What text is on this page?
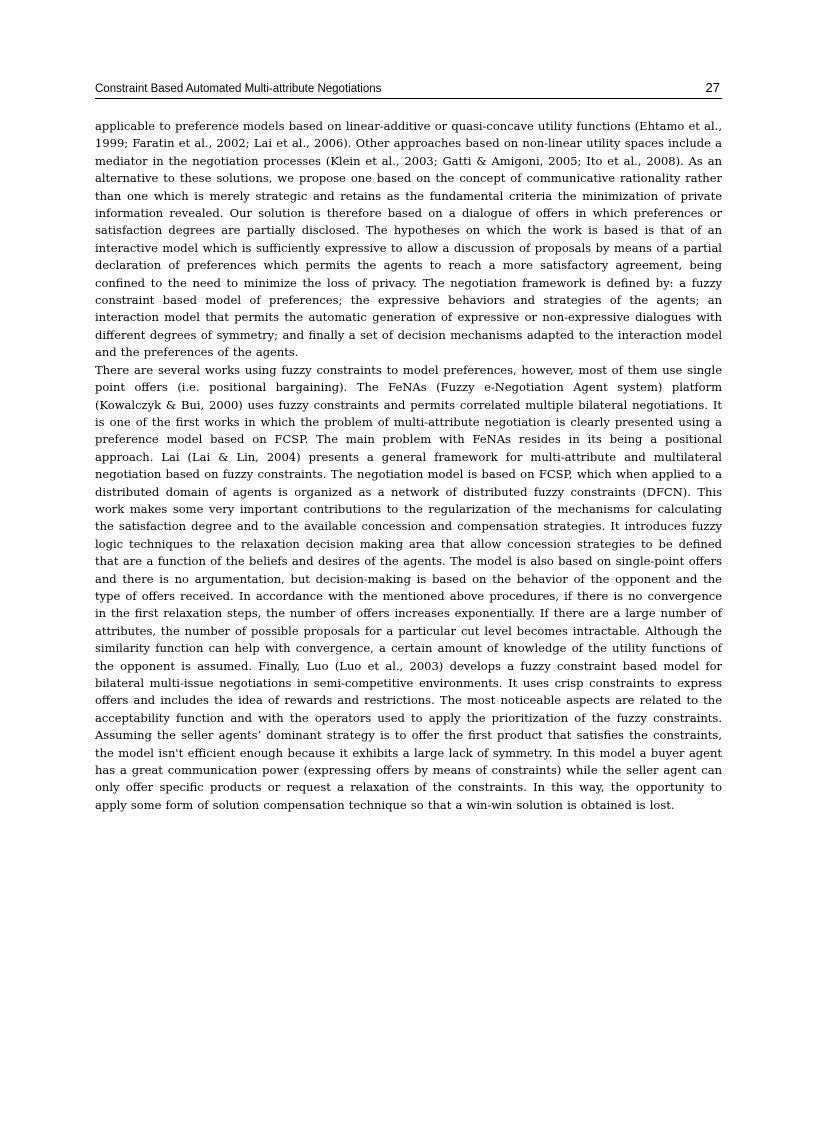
Constraint Based Automated Multi-attribute Negotiations	27

applicable to preference models based on linear-additive or quasi-concave utility functions (Ehtamo et al., 1999; Faratin et al., 2002; Lai et al., 2006). Other approaches based on non-linear utility spaces include a mediator in the negotiation processes (Klein et al., 2003; Gatti & Amigoni, 2005; Ito et al., 2008). As an alternative to these solutions, we propose one based on the concept of communicative rationality rather than one which is merely strategic and retains as the fundamental criteria the minimization of private information revealed. Our solution is therefore based on a dialogue of offers in which preferences or satisfaction degrees are partially disclosed. The hypotheses on which the work is based is that of an interactive model which is sufficiently expressive to allow a discussion of proposals by means of a partial declaration of preferences which permits the agents to reach a more satisfactory agreement, being confined to the need to minimize the loss of privacy. The negotiation framework is defined by: a fuzzy constraint based model of preferences; the expressive behaviors and strategies of the agents; an interaction model that permits the automatic generation of expressive or non-expressive dialogues with different degrees of symmetry; and finally a set of decision mechanisms adapted to the interaction model and the preferences of the agents.

There are several works using fuzzy constraints to model preferences, however, most of them use single point offers (i.e. positional bargaining). The FeNAs (Fuzzy e-Negotiation Agent system) platform (Kowalczyk & Bui, 2000) uses fuzzy constraints and permits correlated multiple bilateral negotiations. It is one of the first works in which the problem of multi-attribute negotiation is clearly presented using a preference model based on FCSP. The main problem with FeNAs resides in its being a positional approach. Lai (Lai & Lin, 2004) presents a general framework for multi-attribute and multilateral negotiation based on fuzzy constraints. The negotiation model is based on FCSP, which when applied to a distributed domain of agents is organized as a network of distributed fuzzy constraints (DFCN). This work makes some very important contributions to the regularization of the mechanisms for calculating the satisfaction degree and to the available concession and compensation strategies. It introduces fuzzy logic techniques to the relaxation decision making area that allow concession strategies to be defined that are a function of the beliefs and desires of the agents. The model is also based on single-point offers and there is no argumentation, but decision-making is based on the behavior of the opponent and the type of offers received. In accordance with the mentioned above procedures, if there is no convergence in the first relaxation steps, the number of offers increases exponentially. If there are a large number of attributes, the number of possible proposals for a particular cut level becomes intractable. Although the similarity function can help with convergence, a certain amount of knowledge of the utility functions of the opponent is assumed. Finally, Luo (Luo et al., 2003) develops a fuzzy constraint based model for bilateral multi-issue negotiations in semi-competitive environments. It uses crisp constraints to express offers and includes the idea of rewards and restrictions. The most noticeable aspects are related to the acceptability function and with the operators used to apply the prioritization of the fuzzy constraints. Assuming the seller agents’ dominant strategy is to offer the first product that satisfies the constraints, the model isn't efficient enough because it exhibits a large lack of symmetry. In this model a buyer agent has a great communication power (expressing offers by means of constraints) while the seller agent can only offer specific products or request a relaxation of the constraints. In this way, the opportunity to apply some form of solution compensation technique so that a win-win solution is obtained is lost.
